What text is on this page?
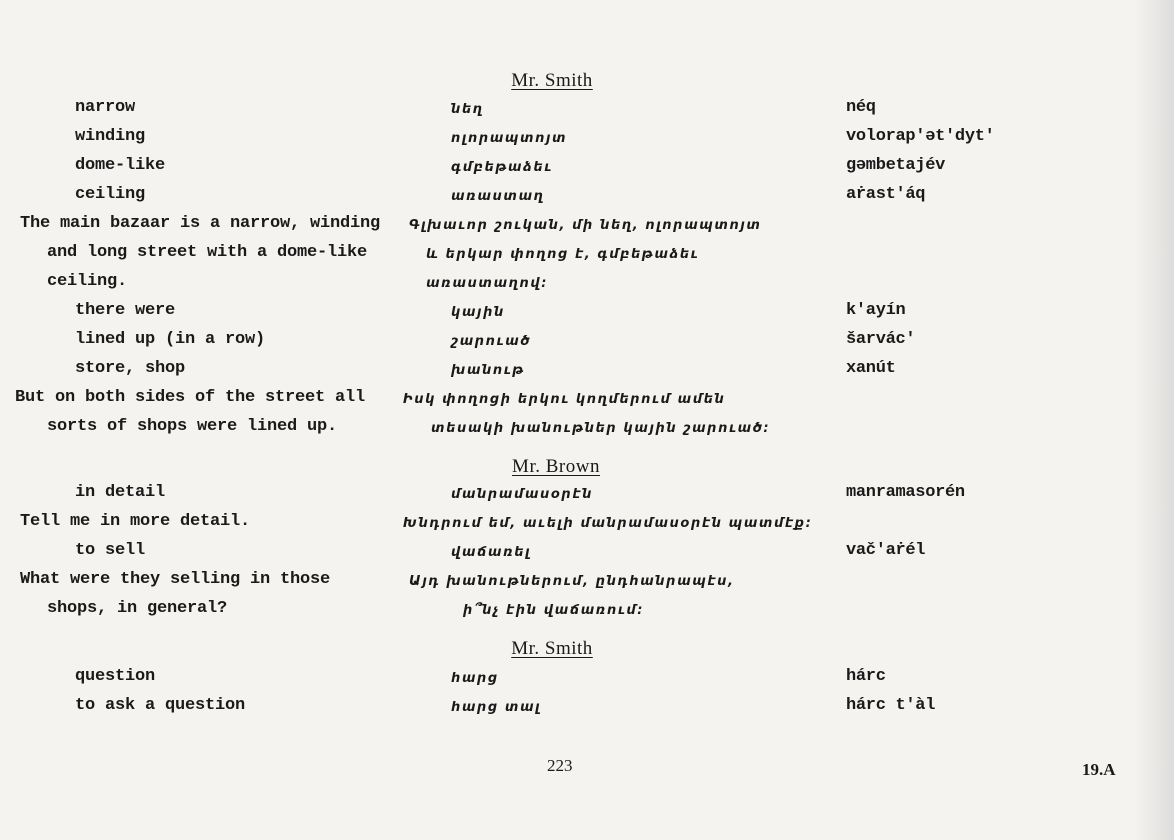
Mr. Smith
narrow	նեղ	néq
winding	ոլորապտոյտ	volorap'ət'dyt'
dome-like	գմբեթաձեւ	gəmbetajév
ceiling	առաստաղ	aṙast'áq
The main bazaar is a narrow, winding Գլխաւոր շուկան, մի նեղ, ոլորապտոյտ
and long street with a dome-like	և երկար փողոց է, գմբեթաձեւ
ceiling.	առաստաղով։
there were	կային	k'ayín
lined up (in a row)	շարուած	šarvác'
store, shop	խանութ	xanút
But on both sides of the street all	Իսկ փողոցի երկու կողմերում ամեն
sorts of shops were lined up.	տեսակի խանութներ կային շարուած։
Mr. Brown
in detail	մանրամասօրէն	manramasorén
Tell me in more detail.	Խնդրում եմ, աւելի մանրամասօրէն պատմէք։
to sell	վաճառել	vač'aṙél
What were they selling in those	Այդ խանութներում, ընդհանրապէս,
shops, in general?	ի՞նչ էին վաճառում։
Mr. Smith
question	հարց	hárc
to ask a question	հարց տալ	hárc t'àl
223	19.A
